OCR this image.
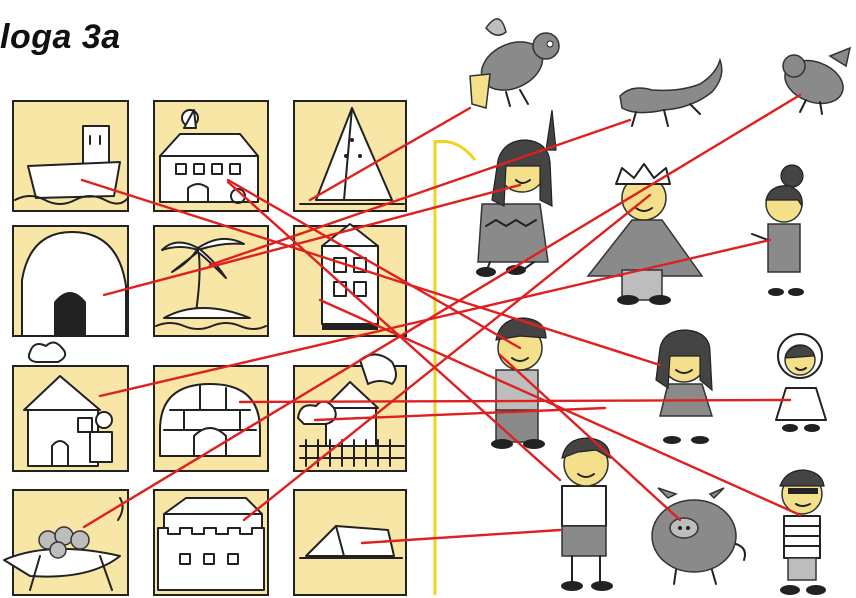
loga 3a
